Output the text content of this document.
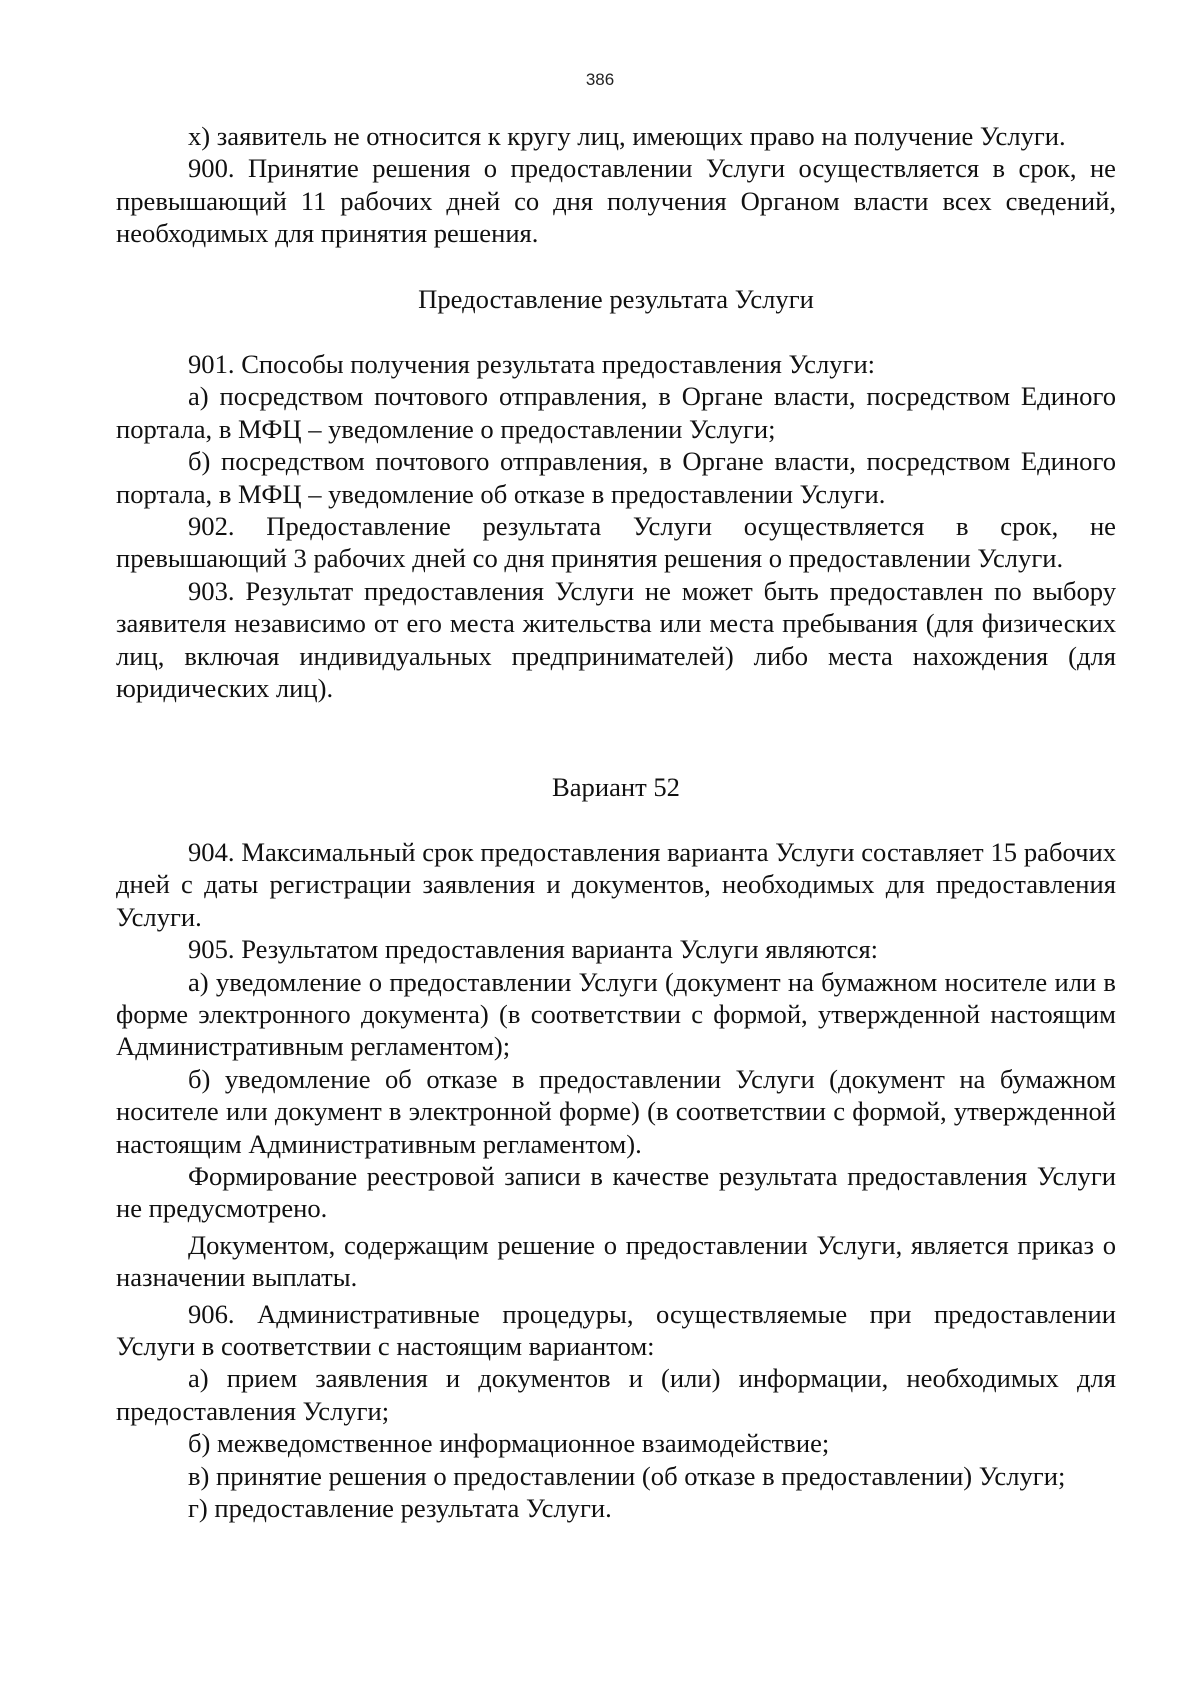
386

х) заявитель не относится к кругу лиц, имеющих право на получение Услуги.

900. Принятие решения о предоставлении Услуги осуществляется в срок, не превышающий 11 рабочих дней со дня получения Органом власти всех сведений, необходимых для принятия решения.

Предоставление результата Услуги

901. Способы получения результата предоставления Услуги:

а) посредством почтового отправления, в Органе власти, посредством Единого портала, в МФЦ – уведомление о предоставлении Услуги;

б) посредством почтового отправления, в Органе власти, посредством Единого портала, в МФЦ – уведомление об отказе в предоставлении Услуги.

902. Предоставление результата Услуги осуществляется в срок, не превышающий 3 рабочих дней со дня принятия решения о предоставлении Услуги.

903. Результат предоставления Услуги не может быть предоставлен по выбору заявителя независимо от его места жительства или места пребывания (для физических лиц, включая индивидуальных предпринимателей) либо места нахождения (для юридических лиц).

Вариант 52

904. Максимальный срок предоставления варианта Услуги составляет 15 рабочих дней с даты регистрации заявления и документов, необходимых для предоставления Услуги.

905. Результатом предоставления варианта Услуги являются:

а) уведомление о предоставлении Услуги (документ на бумажном носителе или в форме электронного документа) (в соответствии с формой, утвержденной настоящим Административным регламентом);

б) уведомление об отказе в предоставлении Услуги (документ на бумажном носителе или документ в электронной форме) (в соответствии с формой, утвержденной настоящим Административным регламентом).

Формирование реестровой записи в качестве результата предоставления Услуги не предусмотрено.

Документом, содержащим решение о предоставлении Услуги, является приказ о назначении выплаты.

906. Административные процедуры, осуществляемые при предоставлении Услуги в соответствии с настоящим вариантом:

а) прием заявления и документов и (или) информации, необходимых для предоставления Услуги;

б) межведомственное информационное взаимодействие;

в) принятие решения о предоставлении (об отказе в предоставлении) Услуги;

г) предоставление результата Услуги.
